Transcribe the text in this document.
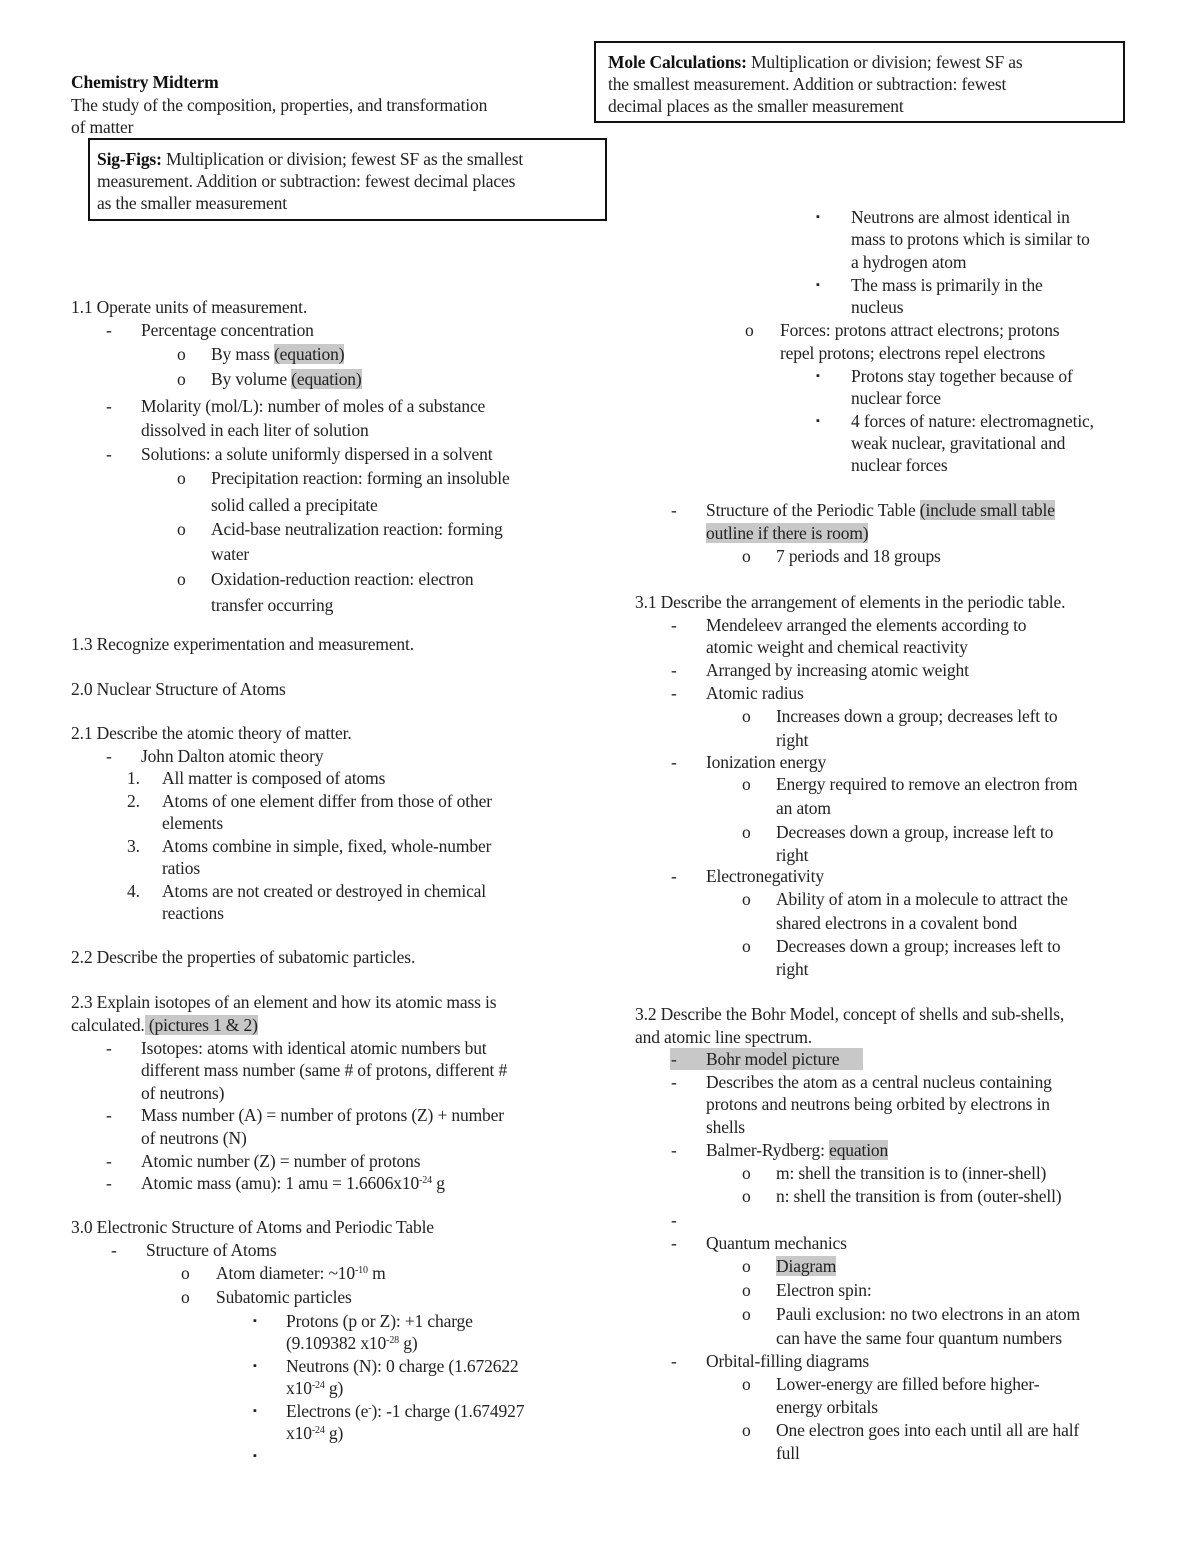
Chemistry Midterm
The study of the composition, properties, and transformation
of matter
Mole Calculations: Multiplication or division; fewest SF as
the smallest measurement. Addition or subtraction: fewest
decimal places as the smaller measurement
Sig-Figs: Multiplication or division; fewest SF as the smallest
measurement. Addition or subtraction: fewest decimal places
as the smaller measurement
1.1 Operate units of measurement.
- Percentage concentration
o By mass (equation)
o By volume (equation)
- Molarity (mol/L): number of moles of a substance
dissolved in each liter of solution
- Solutions: a solute uniformly dispersed in a solvent
o Precipitation reaction: forming an insoluble
solid called a precipitate
o Acid-base neutralization reaction: forming
water
o Oxidation-reduction reaction: electron
transfer occurring
1.3 Recognize experimentation and measurement.
2.0 Nuclear Structure of Atoms
2.1 Describe the atomic theory of matter.
- John Dalton atomic theory
1. All matter is composed of atoms
2. Atoms of one element differ from those of other
elements
3. Atoms combine in simple, fixed, whole-number
ratios
4. Atoms are not created or destroyed in chemical
reactions
2.2 Describe the properties of subatomic particles.
2.3 Explain isotopes of an element and how its atomic mass is
calculated. (pictures 1 & 2)
- Isotopes: atoms with identical atomic numbers but
different mass number (same # of protons, different #
of neutrons)
- Mass number (A) = number of protons (Z) + number
of neutrons (N)
- Atomic number (Z) = number of protons
- Atomic mass (amu): 1 amu = $1.6606x10^{-24}$ g
3.0 Electronic Structure of Atoms and Periodic Table
- Structure of Atoms
o Atom diameter: $\sim 10^{-10}$ m
o Subatomic particles
▪ Protons (p or Z): +1 charge
(9.109382 $x10^{-28}$ g)
▪ Neutrons (N): 0 charge (1.672622
$x10^{-24}$ g)
▪ Electrons (e-): -1 charge (1.674927
$x10^{-24}$ g)
▪
▪ Neutrons are almost identical in
mass to protons which is similar to
a hydrogen atom
▪ The mass is primarily in the
nucleus
o Forces: protons attract electrons; protons
repel protons; electrons repel electrons
▪ Protons stay together because of
nuclear force
▪ 4 forces of nature: electromagnetic,
weak nuclear, gravitational and
nuclear forces
- Structure of the Periodic Table (include small table
outline if there is room)
o 7 periods and 18 groups
3.1 Describe the arrangement of elements in the periodic table.
- Mendeleev arranged the elements according to
atomic weight and chemical reactivity
- Arranged by increasing atomic weight
- Atomic radius
o Increases down a group; decreases left to
right
- Ionization energy
o Energy required to remove an electron from
an atom
o Decreases down a group, increase left to
right
- Electronegativity
o Ability of atom in a molecule to attract the
shared electrons in a covalent bond
o Decreases down a group; increases left to
right
3.2 Describe the Bohr Model, concept of shells and sub-shells,
and atomic line spectrum.
- Bohr model picture
- Describes the atom as a central nucleus containing
protons and neutrons being orbited by electrons in
shells
- Balmer-Rydberg: equation
o m: shell the transition is to (inner-shell)
o n: shell the transition is from (outer-shell)
-
- Quantum mechanics
o Diagram
o Electron spin:
o Pauli exclusion: no two electrons in an atom
can have the same four quantum numbers
- Orbital-filling diagrams
o Lower-energy are filled before higher-
energy orbitals
o One electron goes into each until all are half
full
